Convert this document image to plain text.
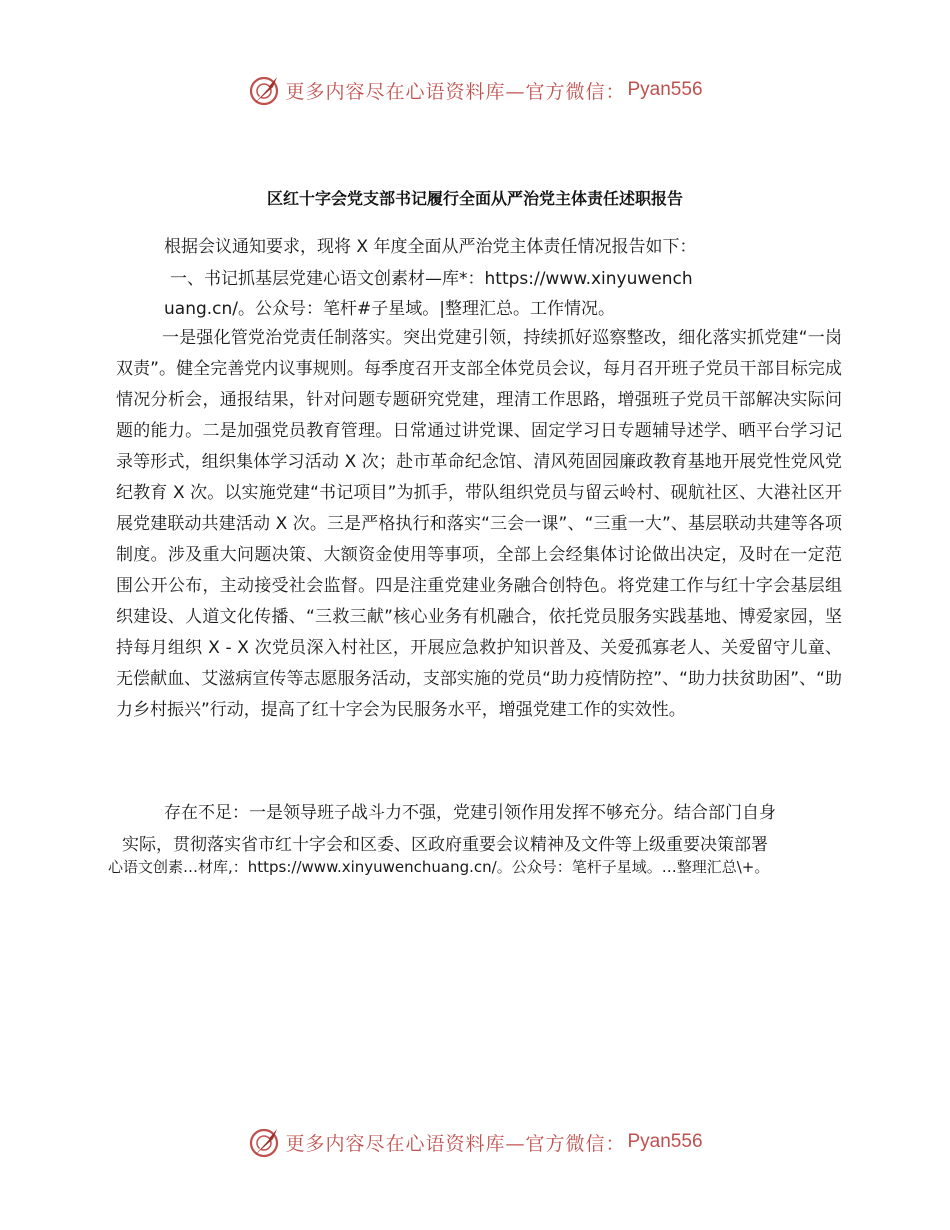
更多内容尽在心语资料库—官方微信： Pyan556
区红十字会党支部书记履行全面从严治党主体责任述职报告
根据会议通知要求，现将 X 年度全面从严治党主体责任情况报告如下：
一、书记抓基层党建心语文创素材—库*：https://www.xinyuwench
uang.cn/。公众号：笔杆#子星域。|整理汇总。工作情况。

一是强化管党治党责任制落实。突出党建引领，持续抓好巡察整改，细化落实抓党建“一岗双责”。健全完善党内议事规则。每季度召开支部全体党员会议，每月召开班子党员干部目标完成情况分析会，通报结果，针对问题专题研究党建，理清工作思路，增强班子党员干部解决实际问题的能力。二是加强党员教育管理。日常通过讲党课、固定学习日专题辅导述学、晒平台学习记录等形式，组织集体学习活动 X 次；赴市革命纪念馆、清风苑固园廉政教育基地开展党性党风党纪教育 X 次。以实施党建“书记项目”为抓手，带队组织党员与留云岭村、砚航社区、大港社区开展党建联动共建活动 X 次。三是严格执行和落实“三会一课”、“三重一大”、基层联动共建等各项制度。涉及重大问题决策、大额资金使用等事项，全部上会经集体讨论做出决定，及时在一定范围公开公布，主动接受社会监督。四是注重党建业务融合创特色。将党建工作与红十字会基层组织建设、人道文化传播、“三救三献”核心业务有机融合，依托党员服务实践基地、博爱家园，坚持每月组织 X - X 次党员深入村社区，开展应急救护知识普及、关爱孤寡老人、关爱留守儿童、无偿献血、艾滋病宣传等志愿服务活动，支部实施的党员“助力疫情防控”、“助力扶贫助困”、“助力乡村振兴”行动，提高了红十字会为民服务水平，增强党建工作的实效性。

存在不足：一是领导班子战斗力不强，党建引领作用发挥不够充分。结合部门自身
实际，贯彻落实省市红十字会和区委、区政府重要会议精神及文件等上级重要决策部署
心语文创素…材库,：https://www.xinyuwenchuang.cn/。公众号：笔杆子星域。…整理汇总\+。
更多内容尽在心语资料库—官方微信： Pyan556
